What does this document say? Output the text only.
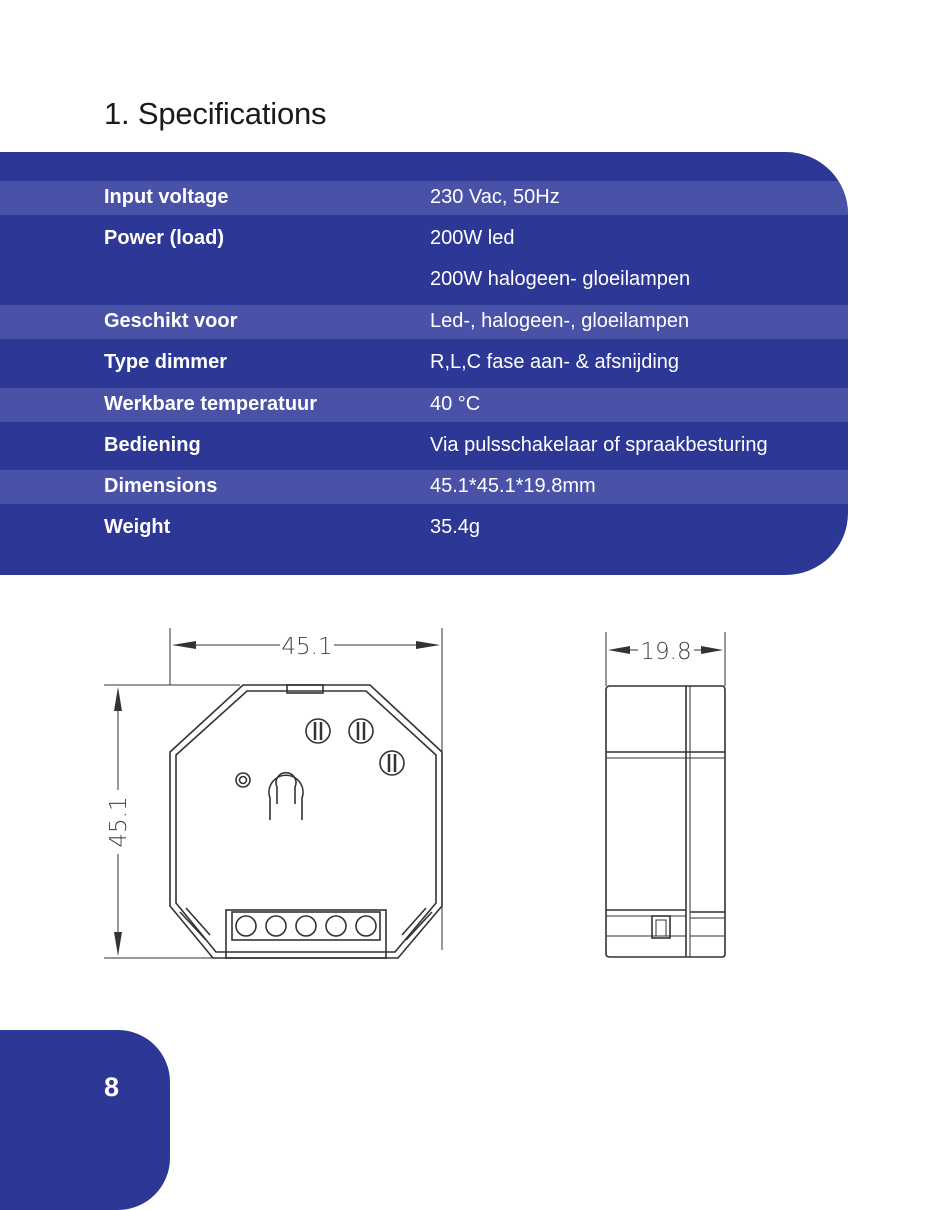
1. Specifications
Input voltage	230 Vac, 50Hz
Power (load)	200W led
200W halogeen- gloeilampen
Geschikt voor	Led-, halogeen-, gloeilampen
Type dimmer	R,L,C fase aan- & afsnijding
Werkbare temperatuur	40 °C
Bediening	Via pulsschakelaar of spraakbesturing
Dimensions	45.1*45.1*19.8mm
Weight	35.4g
45.1
45.1
19.8
8
